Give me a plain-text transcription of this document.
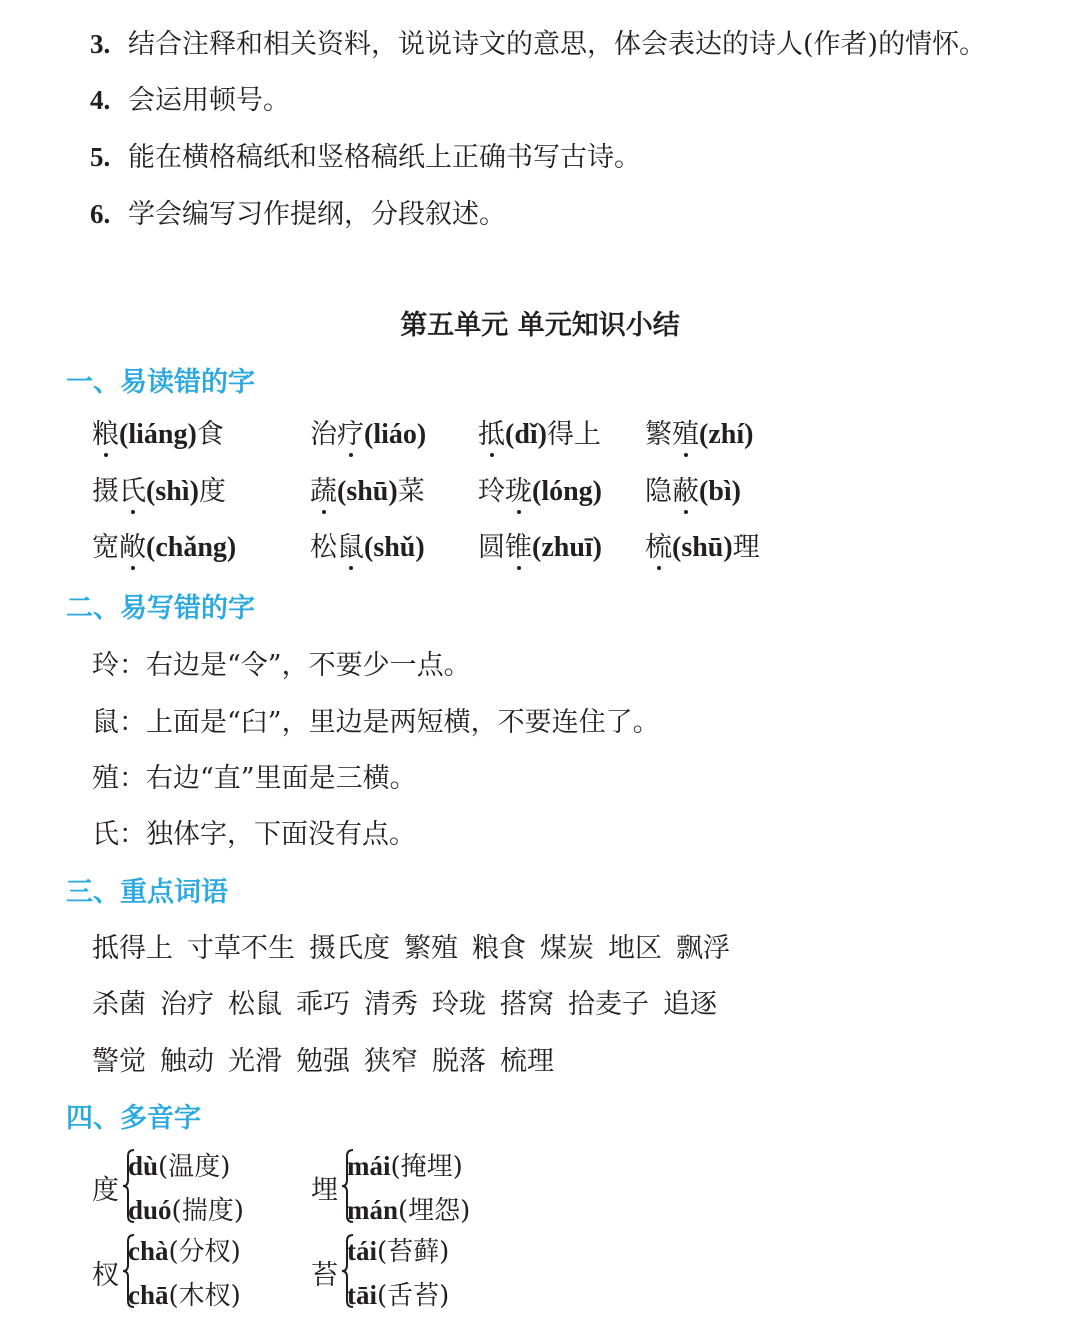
3. 结合注释和相关资料，说说诗文的意思，体会表达的诗人(作者)的情怀。
4. 会运用顿号。
5. 能在横格稿纸和竖格稿纸上正确书写古诗。
6. 学会编写习作提纲，分段叙述。
第五单元 单元知识小结
一、易读错的字
粮(liáng)食	治疗(liáo) 抵(dǐ)得上 繁殖(zhí)
摄氏(shì)度	蔬(shū)菜 玲珑(lóng) 隐蔽(bì)
宽敞(chǎng)	松鼠(shǔ) 圆锥(zhuī) 梳(shū)理
二、易写错的字
玲：右边是“令”，不要少一点。
鼠：上面是“臼”，里边是两短横，不要连住了。
殖：右边“直”里面是三横。
氏：独体字，下面没有点。
三、重点词语
抵得上 寸草不生 摄氏度 繁殖 粮食 煤炭 地区 飘浮
杀菌 治疗 松鼠 乖巧 清秀 玲珑 搭窝 拾麦子 追逐
警觉 触动 光滑 勉强 狭窄 脱落 梳理
四、多音字
度
dù(温度)
duó(揣度)
埋
mái(掩埋)
mán(埋怨)
杈
chà(分杈)
chā(木杈)
苔
tái(苔藓)
tāi(舌苔)
